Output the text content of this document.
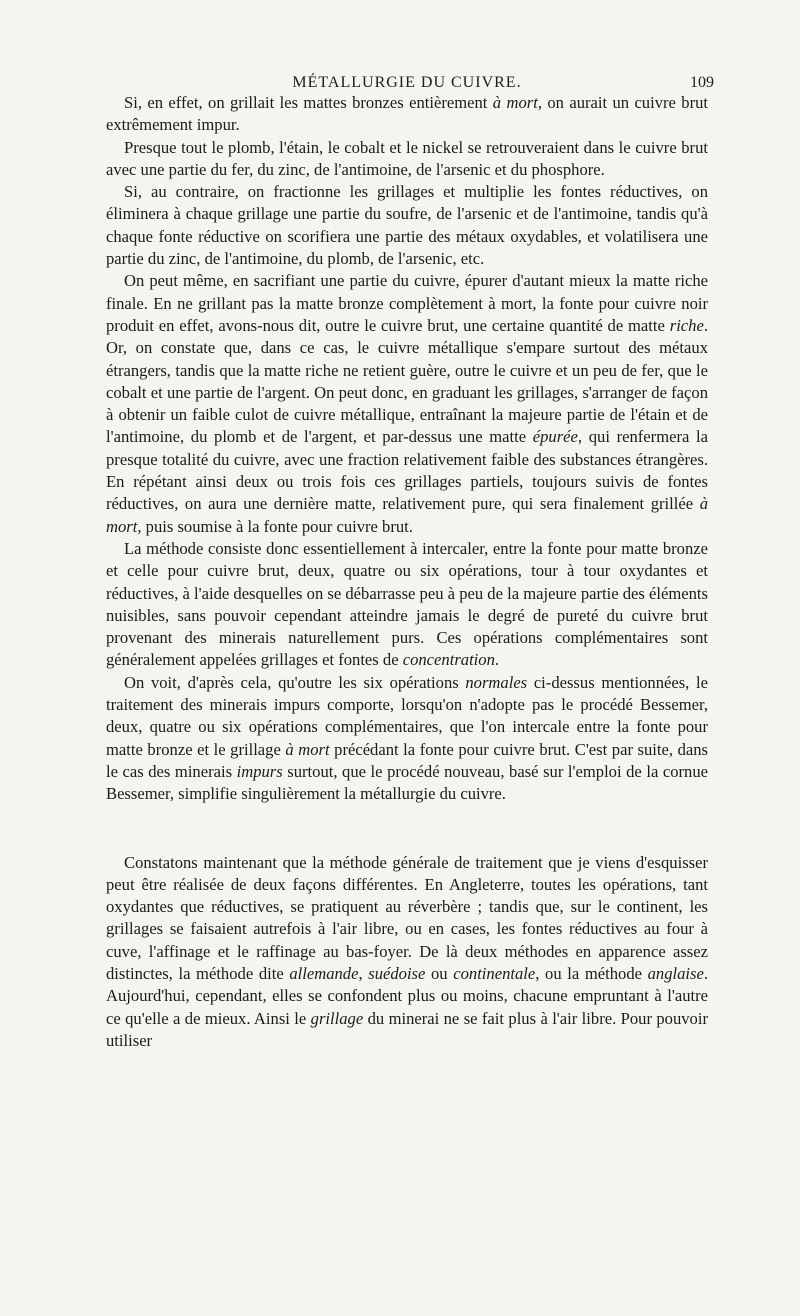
MÉTALLURGIE DU CUIVRE.	109

Si, en effet, on grillait les mattes bronzes entièrement à mort, on aurait un cuivre brut extrêmement impur.

Presque tout le plomb, l'étain, le cobalt et le nickel se retrouveraient dans le cuivre brut avec une partie du fer, du zinc, de l'antimoine, de l'arsenic et du phosphore.

Si, au contraire, on fractionne les grillages et multiplie les fontes réductives, on éliminera à chaque grillage une partie du soufre, de l'arsenic et de l'antimoine, tandis qu'à chaque fonte réductive on scorifiera une partie des métaux oxydables, et volatilisera une partie du zinc, de l'antimoine, du plomb, de l'arsenic, etc.

On peut même, en sacrifiant une partie du cuivre, épurer d'autant mieux la matte riche finale. En ne grillant pas la matte bronze complètement à mort, la fonte pour cuivre noir produit en effet, avons-nous dit, outre le cuivre brut, une certaine quantité de matte riche. Or, on constate que, dans ce cas, le cuivre métallique s'empare surtout des métaux étrangers, tandis que la matte riche ne retient guère, outre le cuivre et un peu de fer, que le cobalt et une partie de l'argent. On peut donc, en graduant les grillages, s'arranger de façon à obtenir un faible culot de cuivre métallique, entraînant la majeure partie de l'étain et de l'antimoine, du plomb et de l'argent, et par-dessus une matte épurée, qui renfermera la presque totalité du cuivre, avec une fraction relativement faible des substances étrangères. En répétant ainsi deux ou trois fois ces grillages partiels, toujours suivis de fontes réductives, on aura une dernière matte, relativement pure, qui sera finalement grillée à mort, puis soumise à la fonte pour cuivre brut.

La méthode consiste donc essentiellement à intercaler, entre la fonte pour matte bronze et celle pour cuivre brut, deux, quatre ou six opérations, tour à tour oxydantes et réductives, à l'aide desquelles on se débarrasse peu à peu de la majeure partie des éléments nuisibles, sans pouvoir cependant atteindre jamais le degré de pureté du cuivre brut provenant des minerais naturellement purs. Ces opérations complémentaires sont généralement appelées grillages et fontes de concentration.

On voit, d'après cela, qu'outre les six opérations normales ci-dessus mentionnées, le traitement des minerais impurs comporte, lorsqu'on n'adopte pas le procédé Bessemer, deux, quatre ou six opérations complémentaires, que l'on intercale entre la fonte pour matte bronze et le grillage à mort précédant la fonte pour cuivre brut. C'est par suite, dans le cas des minerais impurs surtout, que le procédé nouveau, basé sur l'emploi de la cornue Bessemer, simplifie singulièrement la métallurgie du cuivre.

Constatons maintenant que la méthode générale de traitement que je viens d'esquisser peut être réalisée de deux façons différentes. En Angleterre, toutes les opérations, tant oxydantes que réductives, se pratiquent au réverbère ; tandis que, sur le continent, les grillages se faisaient autrefois à l'air libre, ou en cases, les fontes réductives au four à cuve, l'affinage et le raffinage au bas-foyer. De là deux méthodes en apparence assez distinctes, la méthode dite allemande, suédoise ou continentale, ou la méthode anglaise. Aujourd'hui, cependant, elles se confondent plus ou moins, chacune empruntant à l'autre ce qu'elle a de mieux. Ainsi le grillage du minerai ne se fait plus à l'air libre. Pour pouvoir utiliser
